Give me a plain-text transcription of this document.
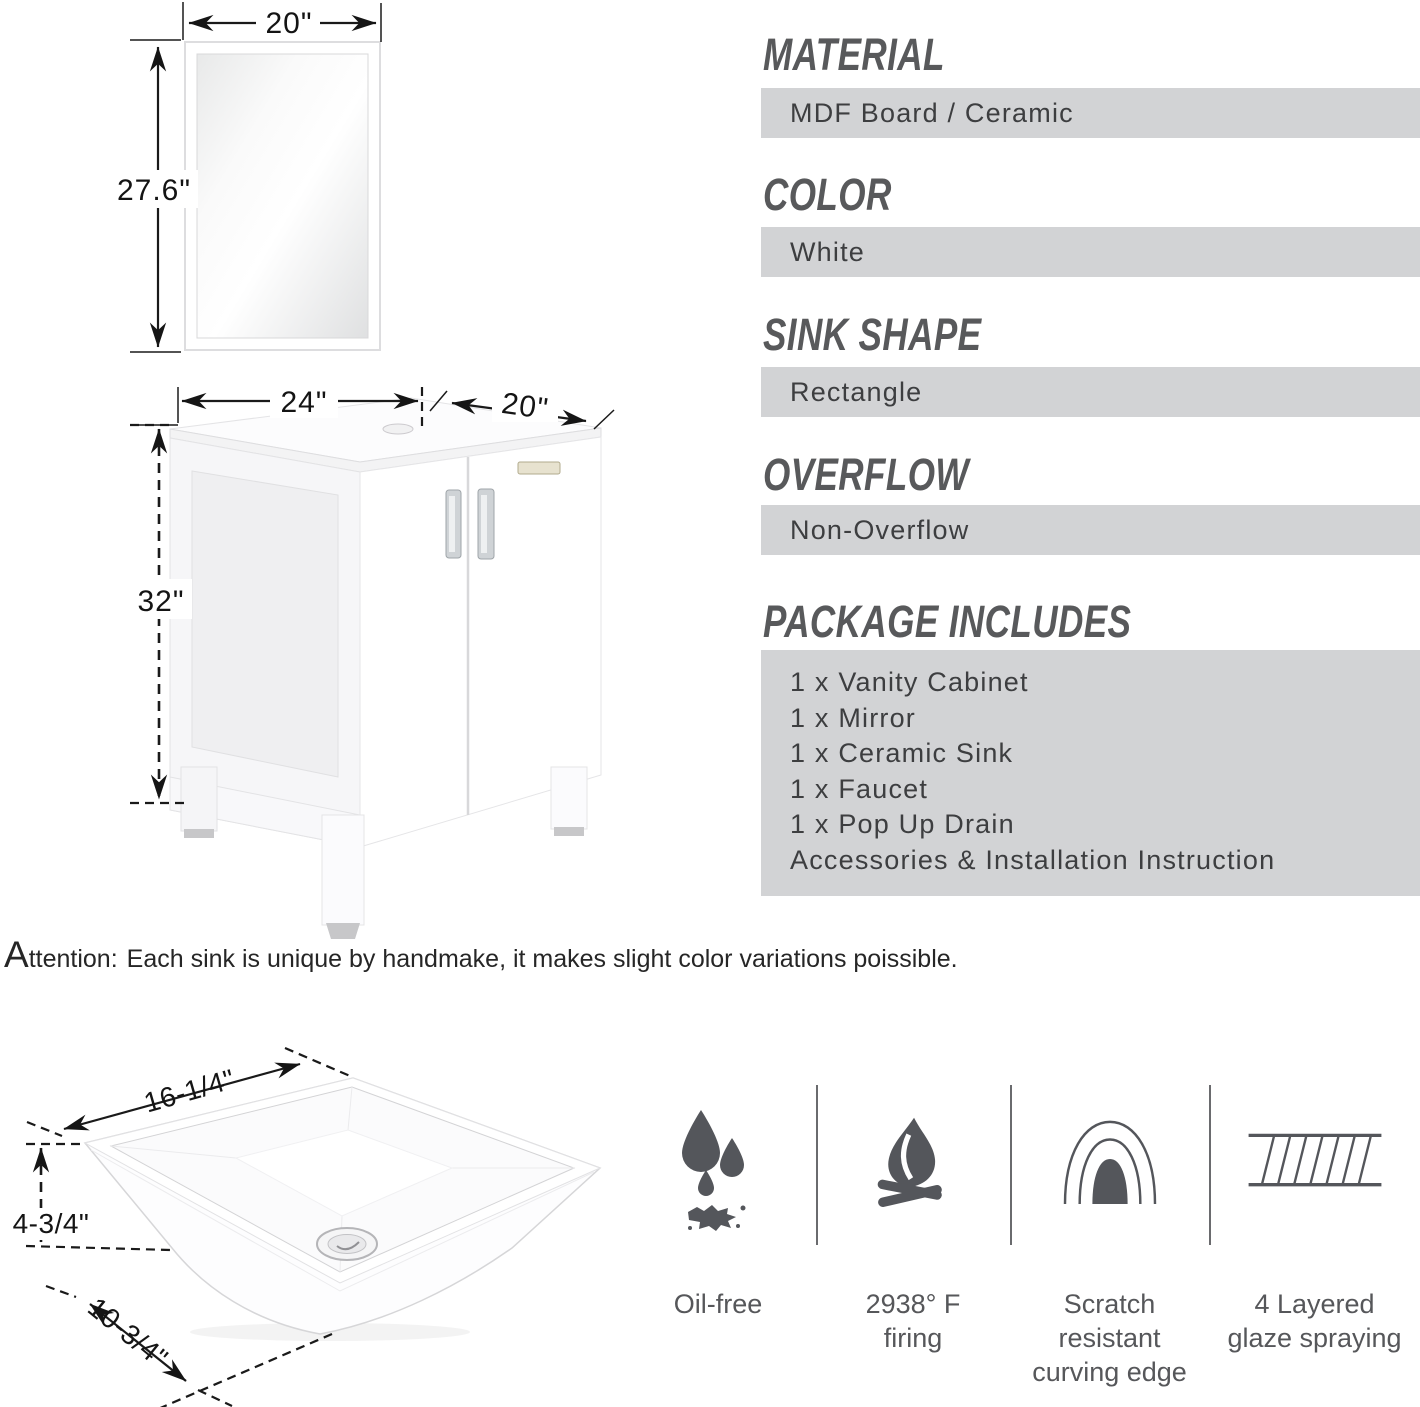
20"
27.6"
24"	20"
32"
MATERIAL
MDF Board / Ceramic
COLOR
White
SINK SHAPE
Rectangle
OVERFLOW
Non-Overflow
PACKAGE INCLUDES
1 x Vanity Cabinet
1 x Mirror
1 x Ceramic Sink
1 x Faucet
1 x Pop Up Drain
Accessories & Installation Instruction
Attention: Each sink is unique by handmake, it makes slight color variations poissible.
16-1/4"
4-3/4"
10-3/4"	Oil-free	2938° F
firing
Scratch resistant
curving edge
4 Layered
glaze spraying
